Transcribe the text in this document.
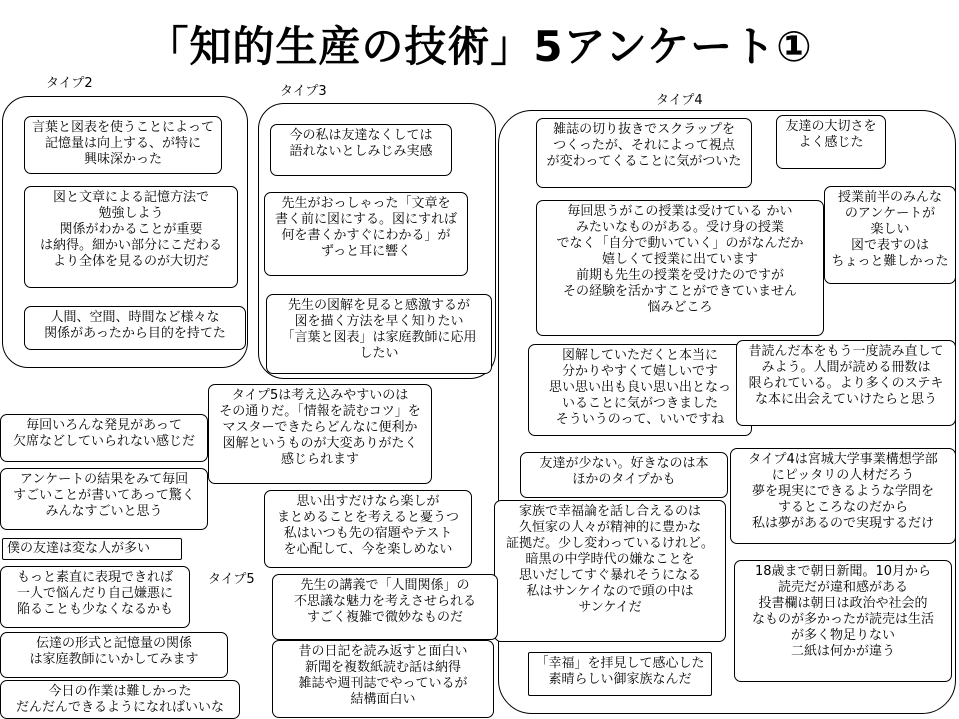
「知的生産の技術」5アンケート①
タイプ2
タイプ3
タイプ4
タイプ5
言葉と図表を使うことによって
記憶量は向上する、が特に
興味深かった
図と文章による記憶方法で
勉強しよう
関係がわかることが重要
は納得。細かい部分にこだわる
より全体を見るのが大切だ
人間、空間、時間など様々な
関係があったから目的を持てた
今の私は友達なくしては
語れないとしみじみ実感
先生がおっしゃった「文章を
書く前に図にする。図にすれば
何を書くかすぐにわかる」が
ずっと耳に響く
先生の図解を見ると感激するが
図を描く方法を早く知りたい
「言葉と図表」は家庭教師に応用
したい
雑誌の切り抜きでスクラップを
つくったが、それによって視点
が変わってくることに気がついた
友達の大切さを
よく感じた
授業前半のみんな
のアンケートが
楽しい
図で表すのは
ちょっと難しかった
毎回思うがこの授業は受けている かい
みたいなものがある。受け身の授業
でなく「自分で動いていく」のがなんだか
嬉しくて授業に出ています
前期も先生の授業を受けたのですが
その経験を活かすことができていません
悩みどころ
図解していただくと本当に
分かりやすくて嬉しいです
思い思い出も良い思い出となっ
いることに気がつきました
そういうのって、いいですね
昔読んだ本をもう一度読み直して
みよう。人間が読める冊数は
限られている。より多くのステキ
な本に出会えていけたらと思う
友達が少ない。好きなのは本
ほかのタイプかも
タイプ4は宮城大学事業構想学部
にピッタリの人材だろう
夢を現実にできるような学問を
するところなのだから
私は夢があるので実現するだけ
家族で幸福論を話し合えるのは
久恒家の人々が精神的に豊かな
証拠だ。少し変わっているけれど。
暗黒の中学時代の嫌なことを
思いだしてすぐ暴れそうになる
私はサンケイなので頭の中は
サンケイだ
18歳まで朝日新聞。10月から
読売だが違和感がある
投書欄は朝日は政治や社会的
なものが多かったが読売は生活
が多く物足りない
二紙は何かが違う
「幸福」を拝見して感心した
素晴らしい御家族なんだ
タイプ5は考え込みやすいのは
その通りだ。「情報を読むコツ」を
マスターできたらどんなに便利か
図解というものが大変ありがたく
感じられます
毎回いろんな発見があって
欠席などしていられない感じだ
アンケートの結果をみて毎回
すごいことが書いてあって驚く
みんなすごいと思う
僕の友達は変な人が多い
思い出すだけなら楽しが
まとめることを考えると憂うつ
私はいつも先の宿題やテスト
を心配して、今を楽しめない
もっと素直に表現できれば
一人で悩んだり自己嫌悪に
陥ることも少なくなるかも
先生の講義で「人間関係」の
不思議な魅力を考えさせられる
すごく複雑で微妙なものだ
伝達の形式と記憶量の関係
は家庭教師にいかしてみます
昔の日記を読み返すと面白い
新聞を複数紙読む話は納得
雑誌や週刊誌でやっているが
結構面白い
今日の作業は難しかった
だんだんできるようになればいいな
